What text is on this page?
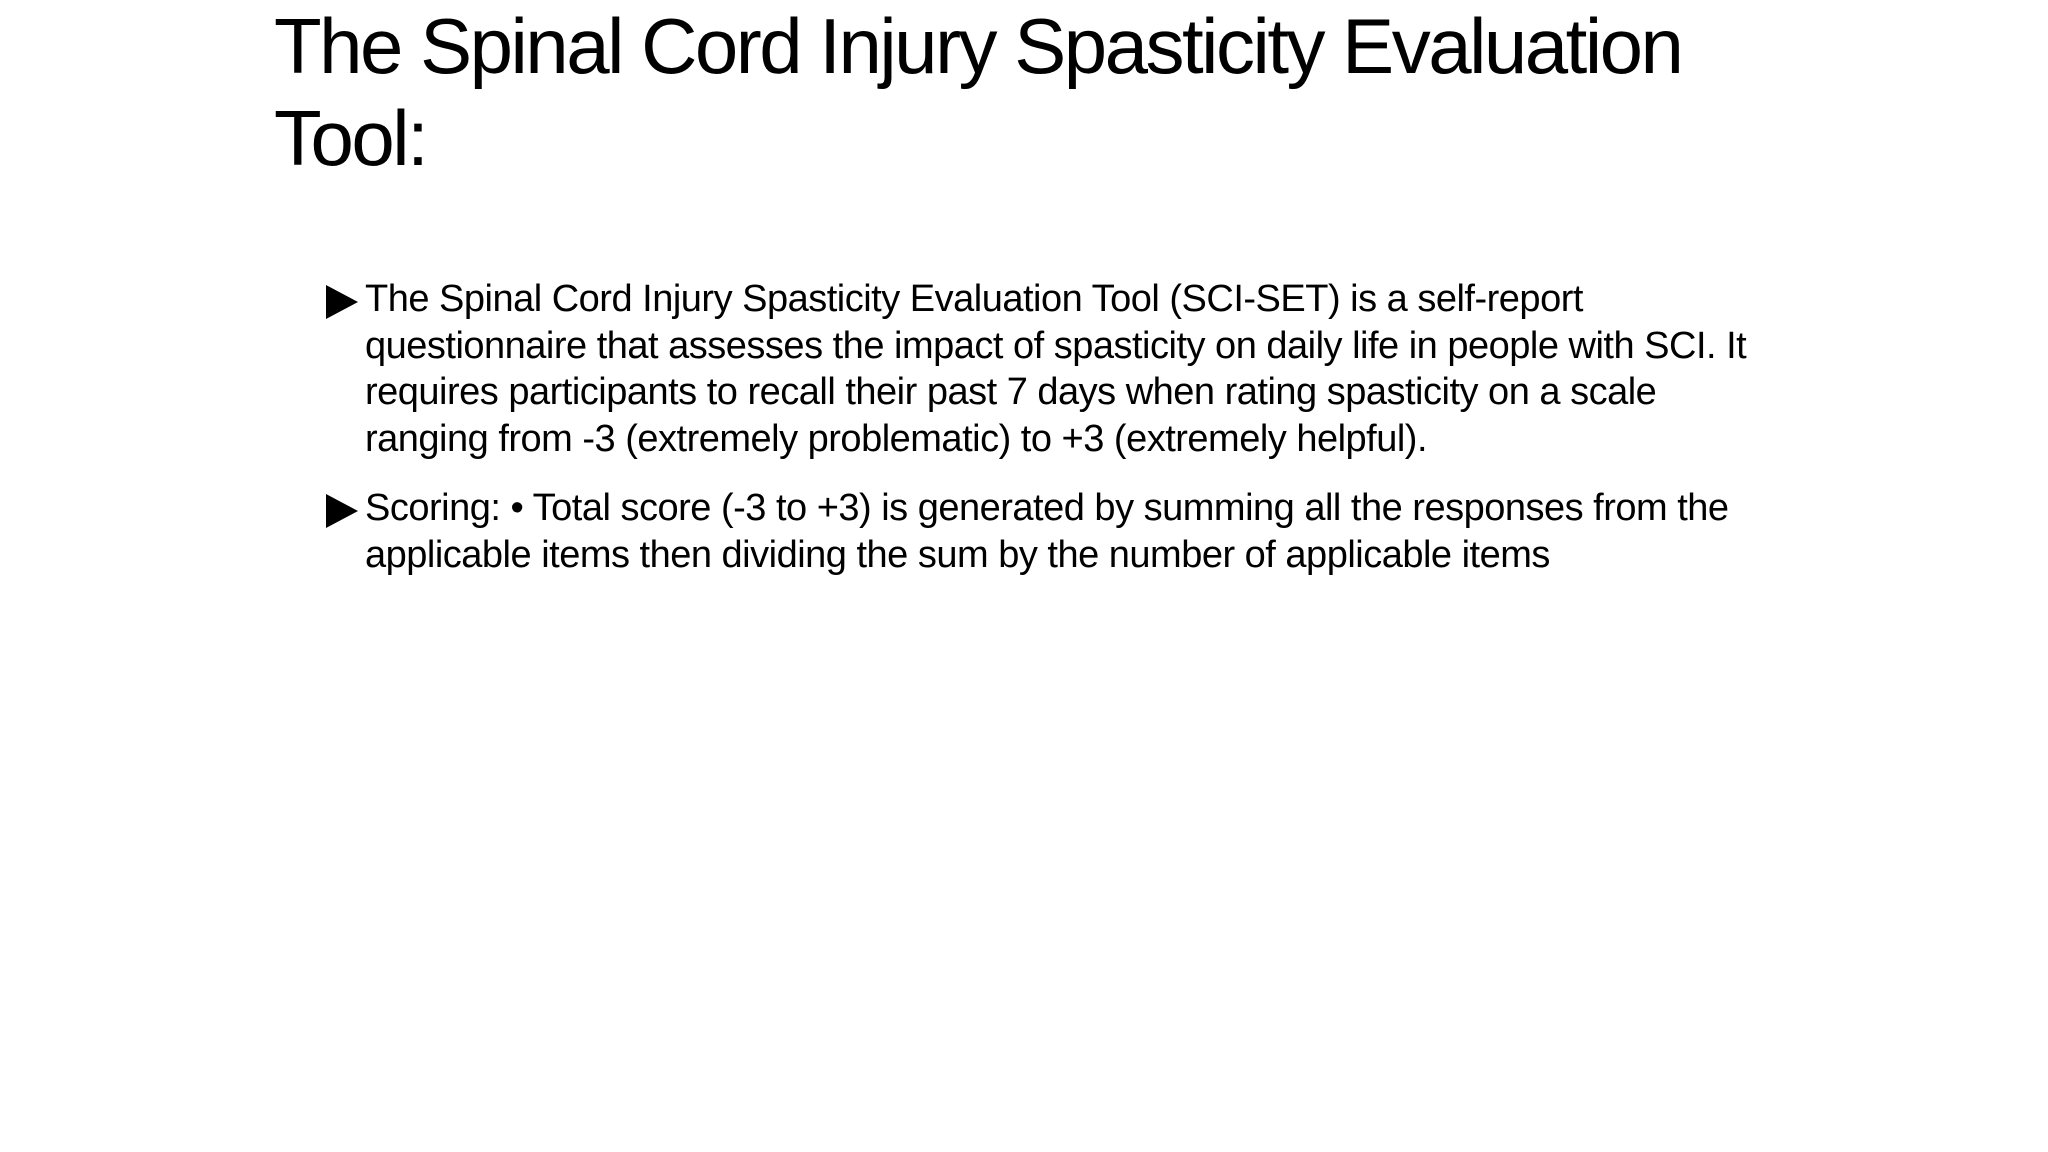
The Spinal Cord Injury Spasticity Evaluation Tool:
The Spinal Cord Injury Spasticity Evaluation Tool (SCI-SET) is a self-report questionnaire that assesses the impact of spasticity on daily life in people with SCI. It requires participants to recall their past 7 days when rating spasticity on a scale ranging from -3 (extremely problematic) to +3 (extremely helpful).
Scoring: • Total score (-3 to +3) is generated by summing all the responses from the applicable items then dividing the sum by the number of applicable items
